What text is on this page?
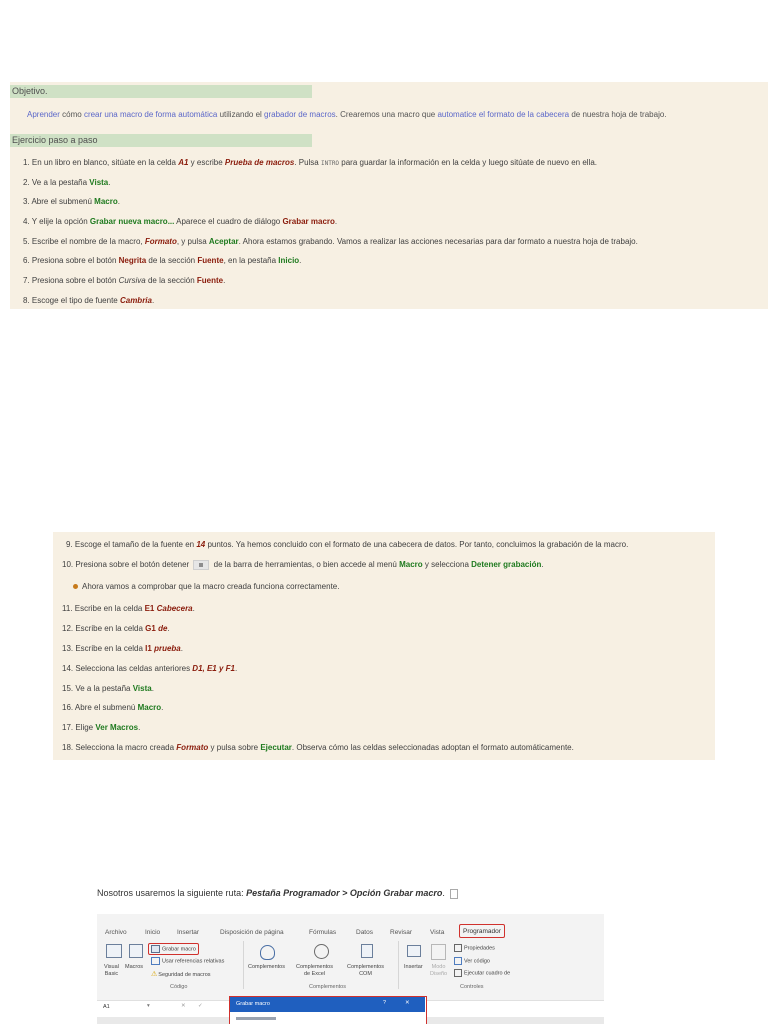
Objetivo.
Aprender cómo crear una macro de forma automática utilizando el grabador de macros. Crearemos una macro que automatice el formato de la cabecera de nuestra hoja de trabajo.
Ejercicio paso a paso
1. En un libro en blanco, sitúate en la celda A1 y escribe Prueba de macros. Pulsa INTRO para guardar la información en la celda y luego sitúate de nuevo en ella.
2. Ve a la pestaña Vista.
3. Abre el submenú Macro.
4. Y elije la opción Grabar nueva macro... Aparece el cuadro de diálogo Grabar macro.
5. Escribe el nombre de la macro, Formato, y pulsa Aceptar. Ahora estamos grabando. Vamos a realizar las acciones necesarias para dar formato a nuestra hoja de trabajo.
6. Presiona sobre el botón Negrita de la sección Fuente, en la pestaña Inicio.
7. Presiona sobre el botón Cursiva de la sección Fuente.
8. Escoge el tipo de fuente Cambria.
9. Escoge el tamaño de la fuente en 14 puntos. Ya hemos concluido con el formato de una cabecera de datos. Por tanto, concluimos la grabación de la macro.
10. Presiona sobre el botón detener	de la barra de herramientas, o bien accede al menú Macro y selecciona Detener grabación.
Ahora vamos a comprobar que la macro creada funciona correctamente.
11. Escribe en la celda E1 Cabecera.
12. Escribe en la celda G1 de.
13. Escribe en la celda I1 prueba.
14. Selecciona las celdas anteriores D1, E1 y F1.
15. Ve a la pestaña Vista.
16. Abre el submenú Macro.
17. Elige Ver Macros.
18. Selecciona la macro creada Formato y pulsa sobre Ejecutar. Observa cómo las celdas seleccionadas adoptan el formato automáticamente.
Nosotros usaremos la siguiente ruta: Pestaña Programador > Opción Grabar macro.
Archivo	Inicio	Insertar	Disposición de página	Fórmulas	Datos	Revisar	Vista	Programador
Visual
Basic
Macros
Grabar macro
Usar referencias relativas
⚠Seguridad de macros
Código
Complementos Complementos
de Excel
Complementos
COM
Complementos
Insertar	Modo
Diseño
Propiedades
Ver código
Ejecutar cuadro de
Controles
A1	▾	✕ ✓	Grabar macro	?	✕
